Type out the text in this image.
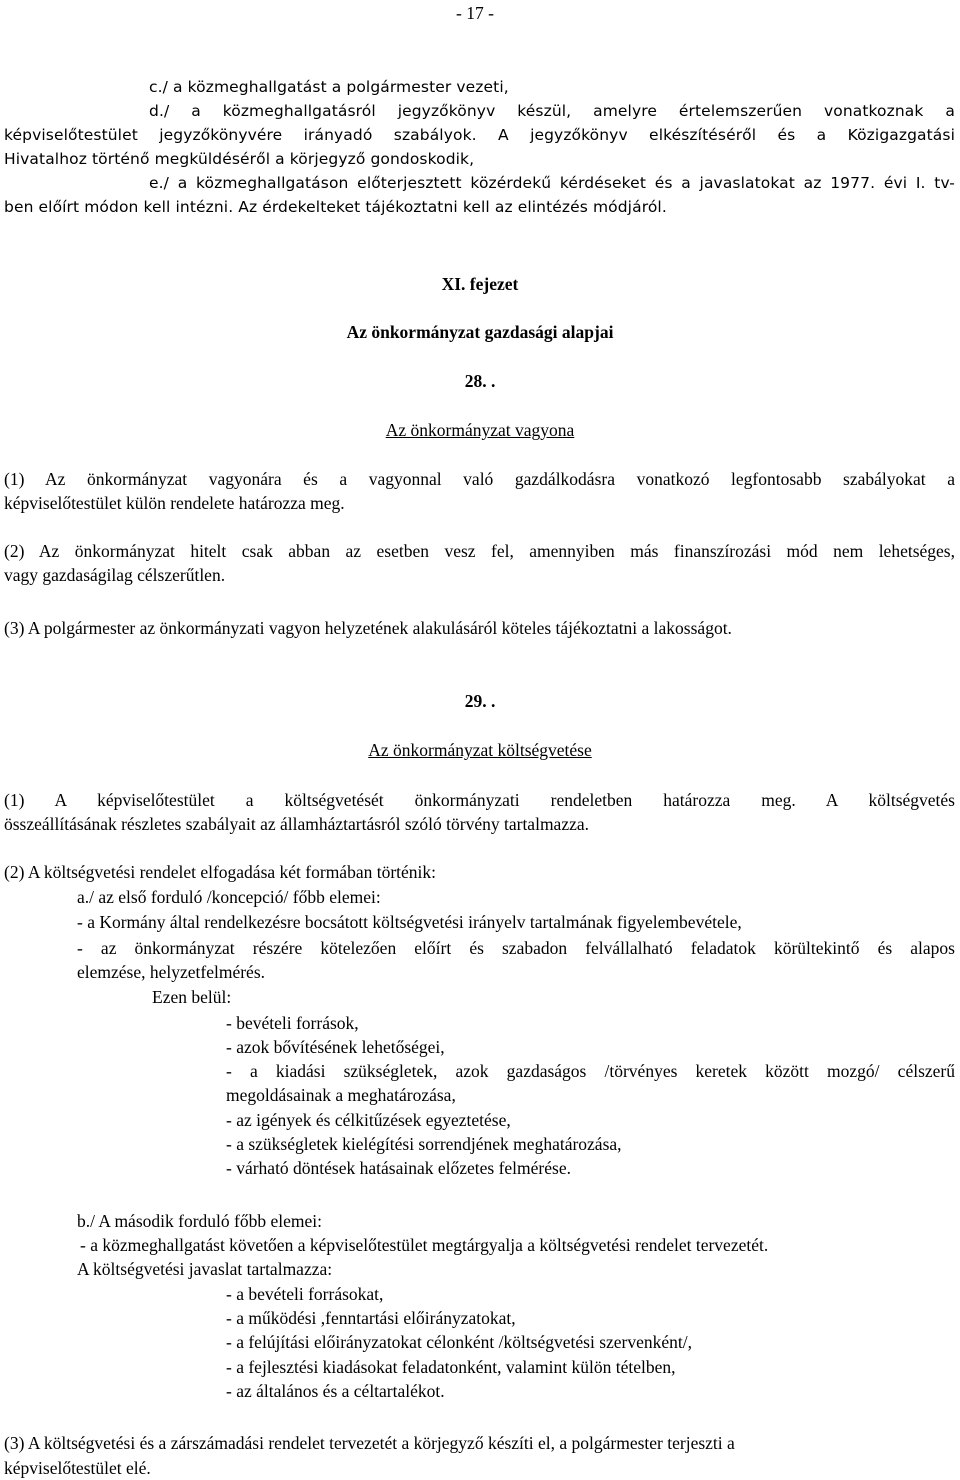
- 17 -
c./ a közmeghallgatást a polgármester vezeti,
d./ a közmeghallgatásról jegyzőkönyv készül, amelyre értelemszerűen vonatkoznak a
képviselőtestület jegyzőkönyvére irányadó szabályok. A jegyzőkönyv elkészítéséről és a Közigazgatási
Hivatalhoz történő megküldéséről a körjegyző gondoskodik,
e./ a közmeghallgatáson előterjesztett közérdekű kérdéseket és a javaslatokat az 1977. évi I. tv-
ben előírt módon kell intézni. Az érdekelteket tájékoztatni kell az elintézés módjáról.
XI. fejezet
Az önkormányzat gazdasági alapjai
28. .
Az önkormányzat vagyona
(1) Az önkormányzat vagyonára és a vagyonnal való gazdálkodásra vonatkozó legfontosabb szabályokat a
képviselőtestület külön rendelete határozza meg.
(2) Az önkormányzat hitelt csak abban az esetben vesz fel, amennyiben más finanszírozási mód nem lehetséges,
vagy gazdaságilag célszerűtlen.
(3) A polgármester az önkormányzati vagyon helyzetének alakulásáról köteles tájékoztatni a lakosságot.
29. .
Az önkormányzat költségvetése
(1) A képviselőtestület a költségvetését önkormányzati rendeletben határozza meg. A költségvetés
összeállításának részletes szabályait az államháztartásról szóló törvény tartalmazza.
(2) A költségvetési rendelet elfogadása két formában történik:
a./ az első forduló /koncepció/ főbb elemei:
- a Kormány által rendelkezésre bocsátott költségvetési irányelv tartalmának figyelembevétele,
- az önkormányzat részére kötelezően előírt és szabadon felvállalható feladatok körültekintő és alapos
elemzése, helyzetfelmérés.
Ezen belül:
- bevételi források,
- azok bővítésének lehetőségei,
- a kiadási szükségletek, azok gazdaságos /törvényes keretek között mozgó/ célszerű
megoldásainak a meghatározása,
- az igények és célkitűzések egyeztetése,
- a szükségletek kielégítési sorrendjének meghatározása,
- várható döntések hatásainak előzetes felmérése.
b./ A második forduló főbb elemei:
- a közmeghallgatást követően a képviselőtestület megtárgyalja a költségvetési rendelet tervezetét.
A költségvetési javaslat tartalmazza:
- a bevételi forrásokat,
- a működési ,fenntartási előirányzatokat,
- a felújítási előirányzatokat célonként /költségvetési szervenként/,
- a fejlesztési kiadásokat feladatonként, valamint külön tételben,
- az általános és a céltartalékot.
(3) A költségvetési és a zárszámadási rendelet tervezetét a körjegyző készíti el, a polgármester terjeszti a
képviselőtestület elé.
